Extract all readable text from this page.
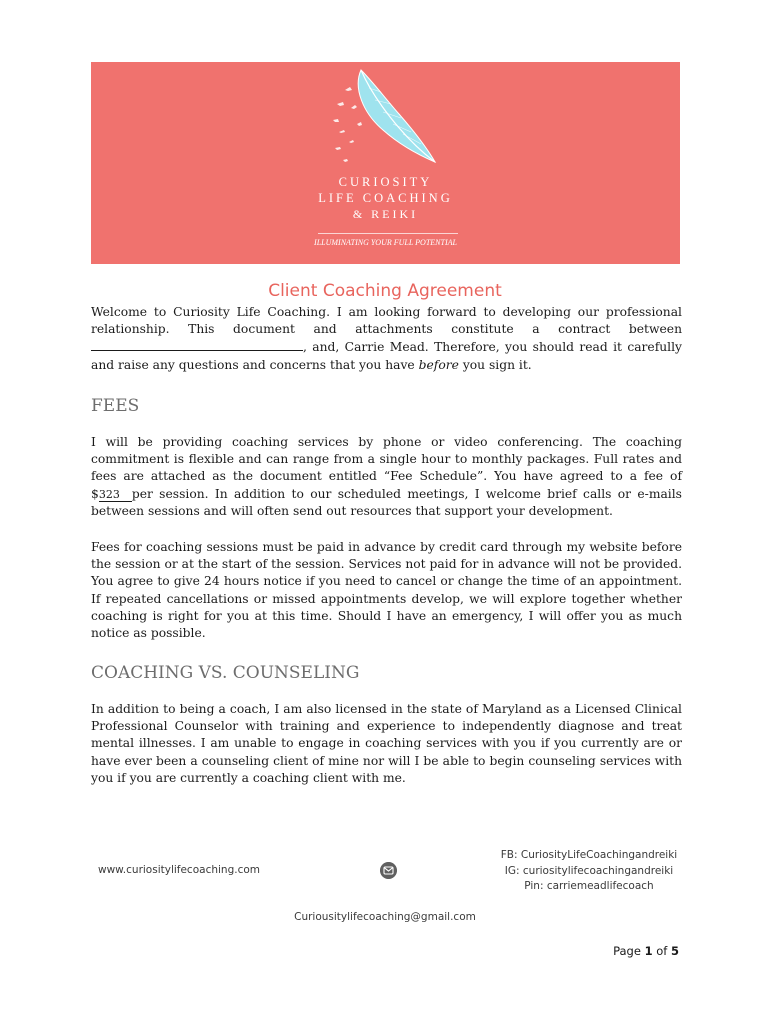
CURIOSITY
LIFE COACHING
& REIKI
ILLUMINATING YOUR FULL POTENTIAL
Client Coaching Agreement

Welcome to Curiosity Life Coaching. I am looking forward to developing our professional relationship. This document and attachments constitute a contract between , and, Carrie Mead. Therefore, you should read it carefully and raise any questions and concerns that you have before you sign it.

FEES

I will be providing coaching services by phone or video conferencing. The coaching commitment is flexible and can range from a single hour to monthly packages. Full rates and fees are attached as the document entitled “Fee Schedule”. You have agreed to a fee of $323 per session. In addition to our scheduled meetings, I welcome brief calls or e-mails between sessions and will often send out resources that support your development.

Fees for coaching sessions must be paid in advance by credit card through my website before the session or at the start of the session. Services not paid for in advance will not be provided. You agree to give 24 hours notice if you need to cancel or change the time of an appointment. If repeated cancellations or missed appointments develop, we will explore together whether coaching is right for you at this time. Should I have an emergency, I will offer you as much notice as possible.

COACHING VS. COUNSELING

In addition to being a coach, I am also licensed in the state of Maryland as a Licensed Clinical Professional Counselor with training and experience to independently diagnose and treat mental illnesses. I am unable to engage in coaching services with you if you currently are or have ever been a counseling client of mine nor will I be able to begin counseling services with you if you are currently a coaching client with me.

www.curiositylifecoaching.com
FB: CuriosityLifeCoachingandreiki
IG: curiositylifecoachingandreiki
Pin: carriemeadlifecoach
Curiousitylifecoaching@gmail.com
Page 1 of 5
